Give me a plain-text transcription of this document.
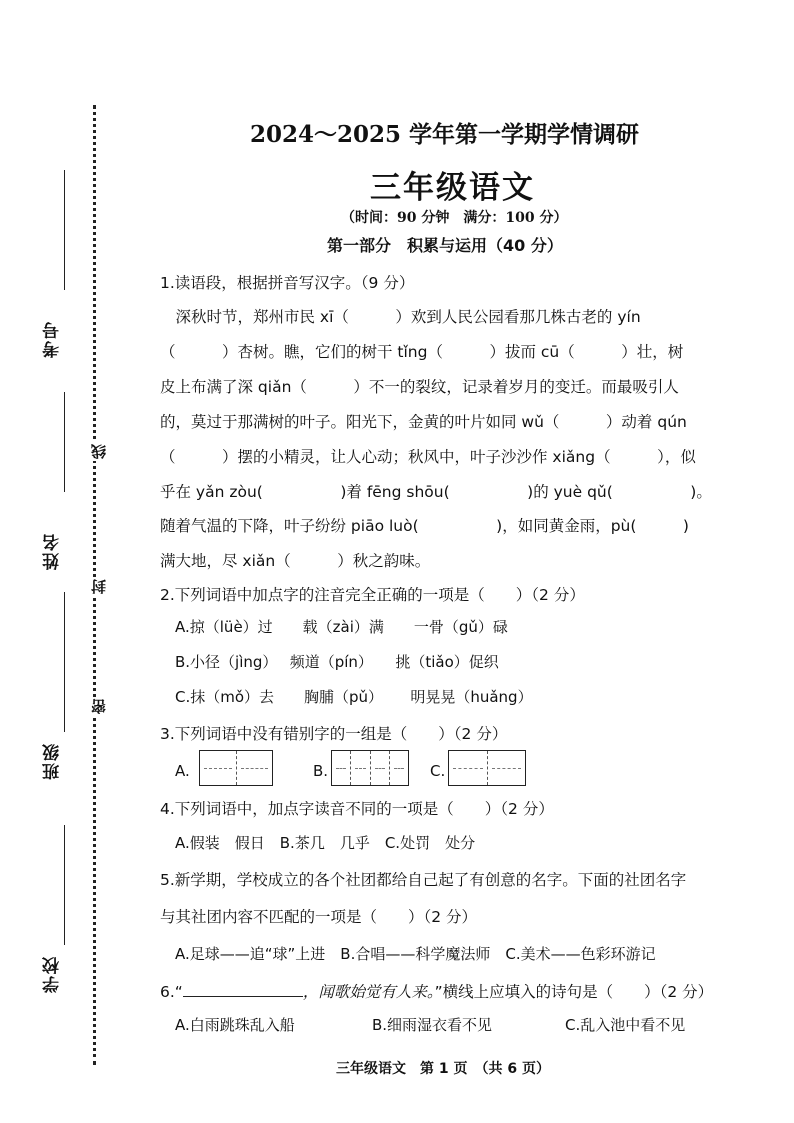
考号
姓名
班级
学校
线
封
密
2024～2025 学年第一学期学情调研
三年级语文
（时间：90 分钟　满分：100 分）
第一部分　积累与运用（40 分）
1.读语段，根据拼音写汉字。（9 分）
　深秋时节，郑州市民 xī（　　　）欢到人民公园看那几株古老的 yín
（　　　）杏树。瞧，它们的树干 tǐng（　　　）拔而 cū（　　　）壮，树
皮上布满了深 qiǎn（　　　）不一的裂纹，记录着岁月的变迁。而最吸引人
的，莫过于那满树的叶子。阳光下，金黄的叶片如同 wǔ（　　　）动着 qún
（　　　）摆的小精灵，让人心动；秋风中，叶子沙沙作 xiǎng（　　　），似
乎在 yǎn zòu(　　　　　)着 fēng shōu(　　　　　)的 yuè qǔ(　　　　　)。
随着气温的下降，叶子纷纷 piāo luò(　　　　　)，如同黄金雨，pù(　　　)
满大地，尽 xiǎn（　　　）秋之韵味。
2.下列词语中加点字的注音完全正确的一项是（　　）（2 分）
A.掠（lüè）过　　载（zài）满　　一骨（gǔ）碌
B.小径（jìng）　 频道（pín）　　挑（tiǎo）促织
C.抹（mǒ）去　　胸脯（pǔ）　　 明晃晃（huǎng）
3.下列词语中没有错别字的一组是（　　）（2 分）
A.	B.	C.
4.下列词语中，加点字读音不同的一项是（　　）（2 分）
A.假装　假日　B.茶几　几乎　C.处罚　处分
5.新学期，学校成立的各个社团都给自己起了有创意的名字。下面的社团名字
与其社团内容不匹配的一项是（　　）（2 分）
A.足球——追“球”上进　B.合唱——科学魔法师　C.美术——色彩环游记
6.“	，闻歌始觉有人来。”横线上应填入的诗句是（　　）（2 分）
A.白雨跳珠乱入船	B.细雨湿衣看不见	C.乱入池中看不见
三年级语文　第 1 页　（共 6 页）
